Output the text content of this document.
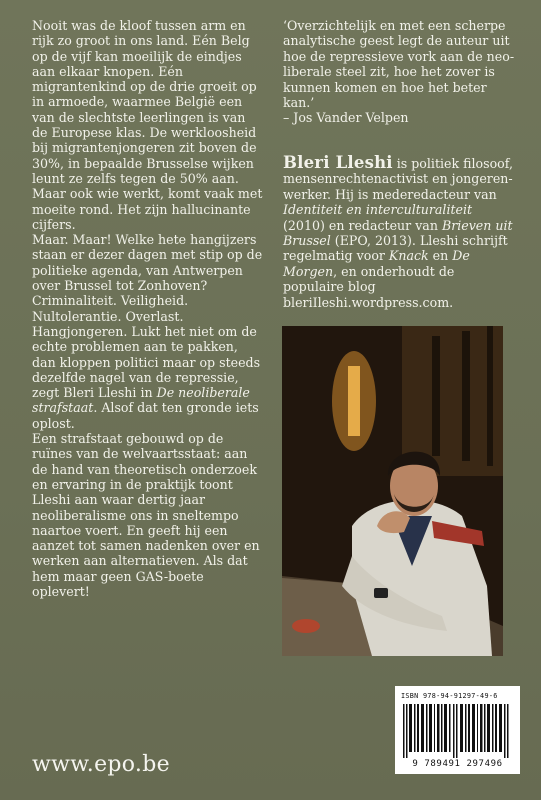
Nooit was de kloof tussen arm en rijk zo groot in ons land. Eén Belg op de vijf kan moeilijk de eindjes aan elkaar knopen. Eén migrantenkind op de drie groeit op in armoede, waarmee België een van de slechtste leerlingen is van de Europese klas. De werkloosheid bij migrantenjongeren zit boven de 30%, in bepaalde Brusselse wijken leunt ze zelfs tegen de 50% aan. Maar ook wie werkt, komt vaak met moeite rond. Het zijn hallucinante cijfers.

Maar. Maar! Welke hete hangijzers staan er dezer dagen met stip op de politieke agenda, van Antwerpen over Brussel tot Zonhoven? Criminaliteit. Veiligheid. Nultolerantie. Overlast. Hangjongeren. Lukt het niet om de echte problemen aan te pakken, dan kloppen politici maar op steeds dezelfde nagel van de repressie, zegt Bleri Lleshi in De neoliberale strafstaat. Alsof dat ten gronde iets oplost.

Een strafstaat gebouwd op de ruïnes van de welvaartsstaat: aan de hand van theoretisch onderzoek en ervaring in de praktijk toont Lleshi aan waar dertig jaar neoliberalisme ons in sneltempo naartoe voert. En geeft hij een aanzet tot samen nadenken over en werken aan alternatieven. Als dat hem maar geen GAS-boete oplevert!

‘Overzichtelijk en met een scherpe analytische geest legt de auteur uit hoe de repressieve vork aan de neoliberale steel zit, hoe het zover is kunnen komen en hoe het beter kan.’

– Jos Vander Velpen

Bleri Lleshi is politiek filosoof, mensenrechtenactivist en jongerenwerker. Hij is mederedacteur van Identiteit en interculturaliteit (2010) en redacteur van Brieven uit Brussel (EPO, 2013). Lleshi schrijft regelmatig voor Knack en De Morgen, en onderhoudt de populaire blog bleriIleshi.wordpress.com.

ISBN 978-94-91297-49-6
9 789491 297496
www.epo.be
